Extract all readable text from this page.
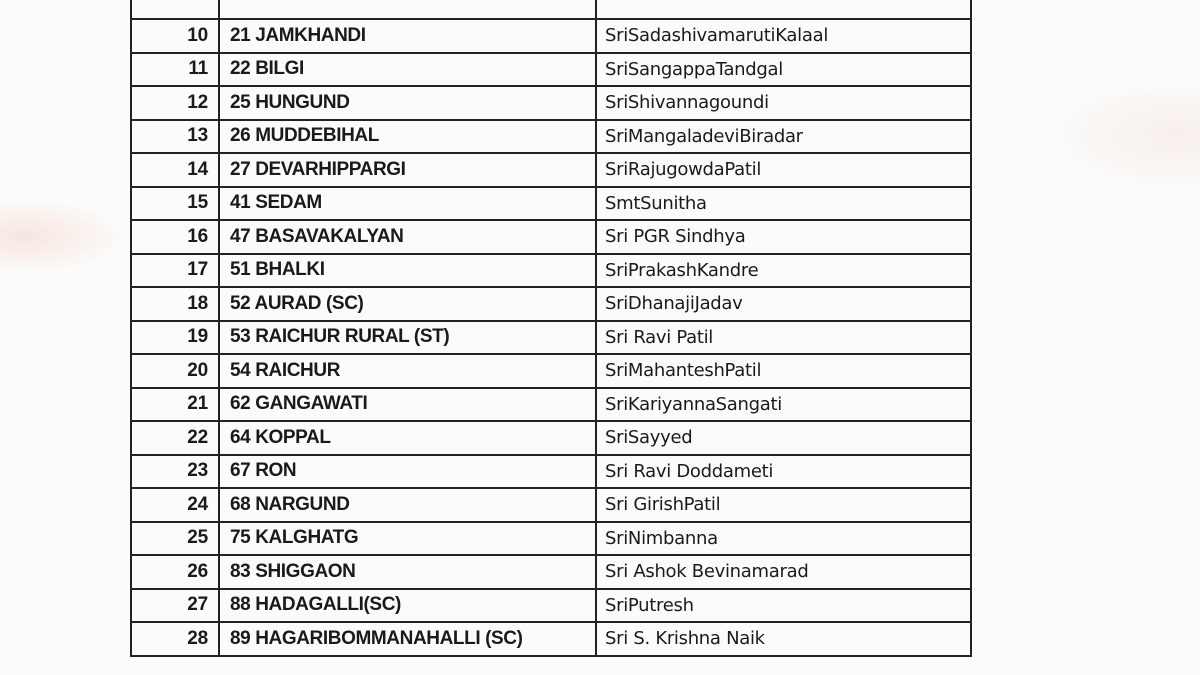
10	21 JAMKHANDI	SriSadashivamarutiKalaal
11	22 BILGI	SriSangappaTandgal
12	25 HUNGUND	SriShivannagoundi
13	26 MUDDEBIHAL	SriMangaladeviBiradar
14	27 DEVARHIPPARGI	SriRajugowdaPatil
15	41 SEDAM	SmtSunitha
16	47 BASAVAKALYAN	Sri PGR Sindhya
17	51 BHALKI	SriPrakashKandre
18	52 AURAD (SC)	SriDhanajiJadav
19	53 RAICHUR RURAL (ST)	Sri Ravi Patil
20	54 RAICHUR	SriMahanteshPatil
21	62 GANGAWATI	SriKariyannaSangati
22	64 KOPPAL	SriSayyed
23	67 RON	Sri Ravi Doddameti
24	68 NARGUND	Sri GirishPatil
25	75 KALGHATG	SriNimbanna
26	83 SHIGGAON	Sri Ashok Bevinamarad
27	88 HADAGALLI(SC)	SriPutresh
28	89 HAGARIBOMMANAHALLI (SC)	Sri S. Krishna Naik
